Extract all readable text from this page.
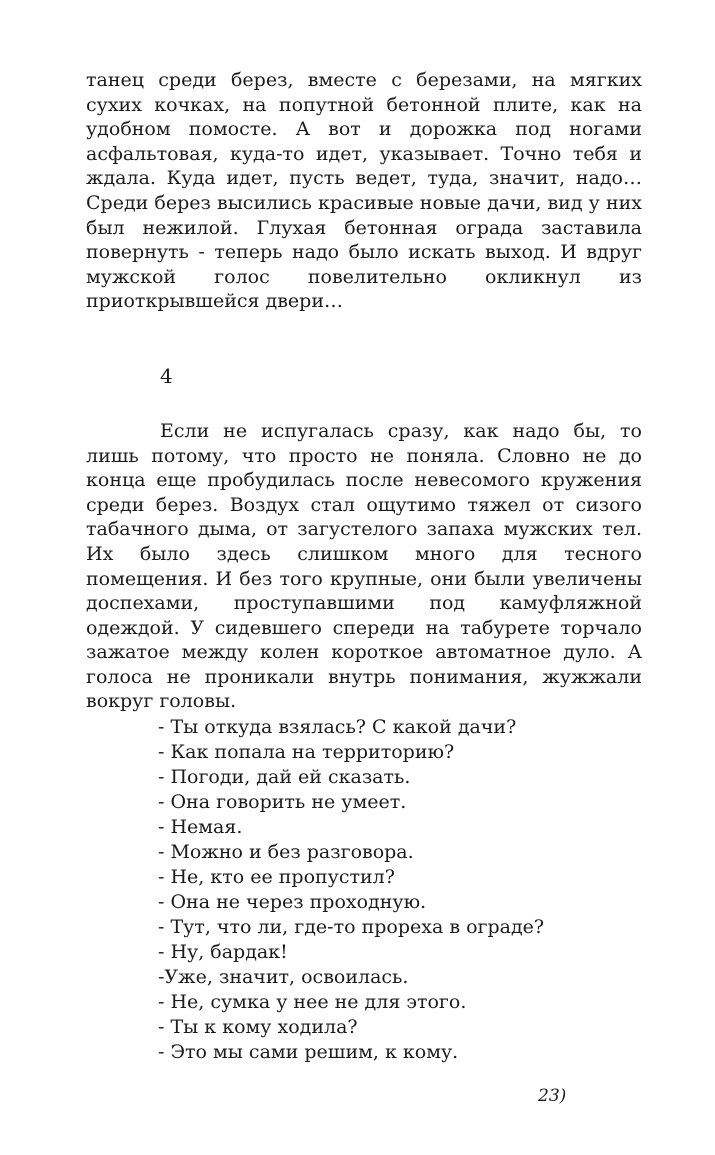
танец среди берез, вместе с березами, на мягких сухих кочках, на попутной бетонной плите, как на удобном помосте. А вот и дорожка под ногами асфальтовая, куда-то идет, указывает. Точно тебя и ждала. Куда идет, пусть ведет, туда, значит, надо… Среди берез высились красивые новые дачи, вид у них был нежилой. Глухая бетонная ограда заставила повернуть - теперь надо было искать выход. И вдруг мужской голос повелительно окликнул из приоткрывшейся двери…

4

Если не испугалась сразу, как надо бы, то лишь потому, что просто не поняла. Словно не до конца еще пробудилась после невесомого кружения среди берез. Воздух стал ощутимо тяжел от сизого табачного дыма, от загустелого запаха мужских тел. Их было здесь слишком много для тесного помещения. И без того крупные, они были увеличены доспехами, проступавшими под камуфляжной одеждой. У сидевшего спереди на табурете торчало зажатое между колен короткое автоматное дуло. А голоса не проникали внутрь понимания, жужжали вокруг головы.

- Ты откуда взялась? С какой дачи?
- Как попала на территорию?
- Погоди, дай ей сказать.
- Она говорить не умеет.
- Немая.
- Можно и без разговора.
- Не, кто ее пропустил?
- Она не через проходную.
- Тут, что ли, где-то прореха в ограде?
- Ну, бардак!
-Уже, значит, освоилась.
- Не, сумка у нее не для этого.
- Ты к кому ходила?
- Это мы сами решим, к кому.
23)
